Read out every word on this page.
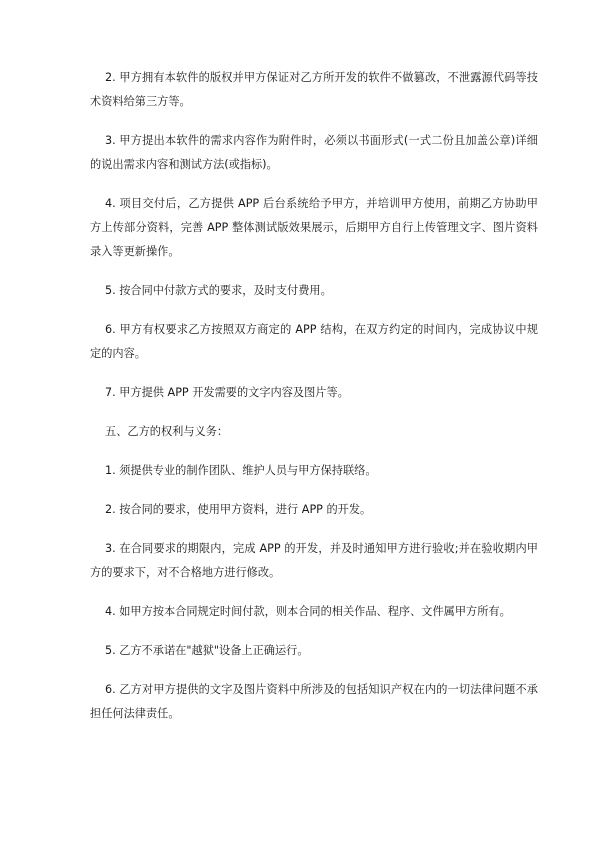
2. 甲方拥有本软件的版权并甲方保证对乙方所开发的软件不做篡改，不泄露源代码等技术资料给第三方等。

3. 甲方提出本软件的需求内容作为附件时，必须以书面形式(一式二份且加盖公章)详细的说出需求内容和测试方法(或指标)。

4. 项目交付后，乙方提供 APP 后台系统给予甲方，并培训甲方使用，前期乙方协助甲方上传部分资料，完善 APP 整体测试版效果展示，后期甲方自行上传管理文字、图片资料录入等更新操作。

5. 按合同中付款方式的要求，及时支付费用。

6. 甲方有权要求乙方按照双方商定的 APP 结构，在双方约定的时间内，完成协议中规定的内容。

7. 甲方提供 APP 开发需要的文字内容及图片等。

五、乙方的权利与义务：

1. 须提供专业的制作团队、维护人员与甲方保持联络。

2. 按合同的要求，使用甲方资料，进行 APP 的开发。

3. 在合同要求的期限内，完成 APP 的开发，并及时通知甲方进行验收;并在验收期内甲方的要求下，对不合格地方进行修改。

4. 如甲方按本合同规定时间付款，则本合同的相关作品、程序、文件属甲方所有。

5. 乙方不承诺在"越狱"设备上正确运行。

6. 乙方对甲方提供的文字及图片资料中所涉及的包括知识产权在内的一切法律问题不承担任何法律责任。
